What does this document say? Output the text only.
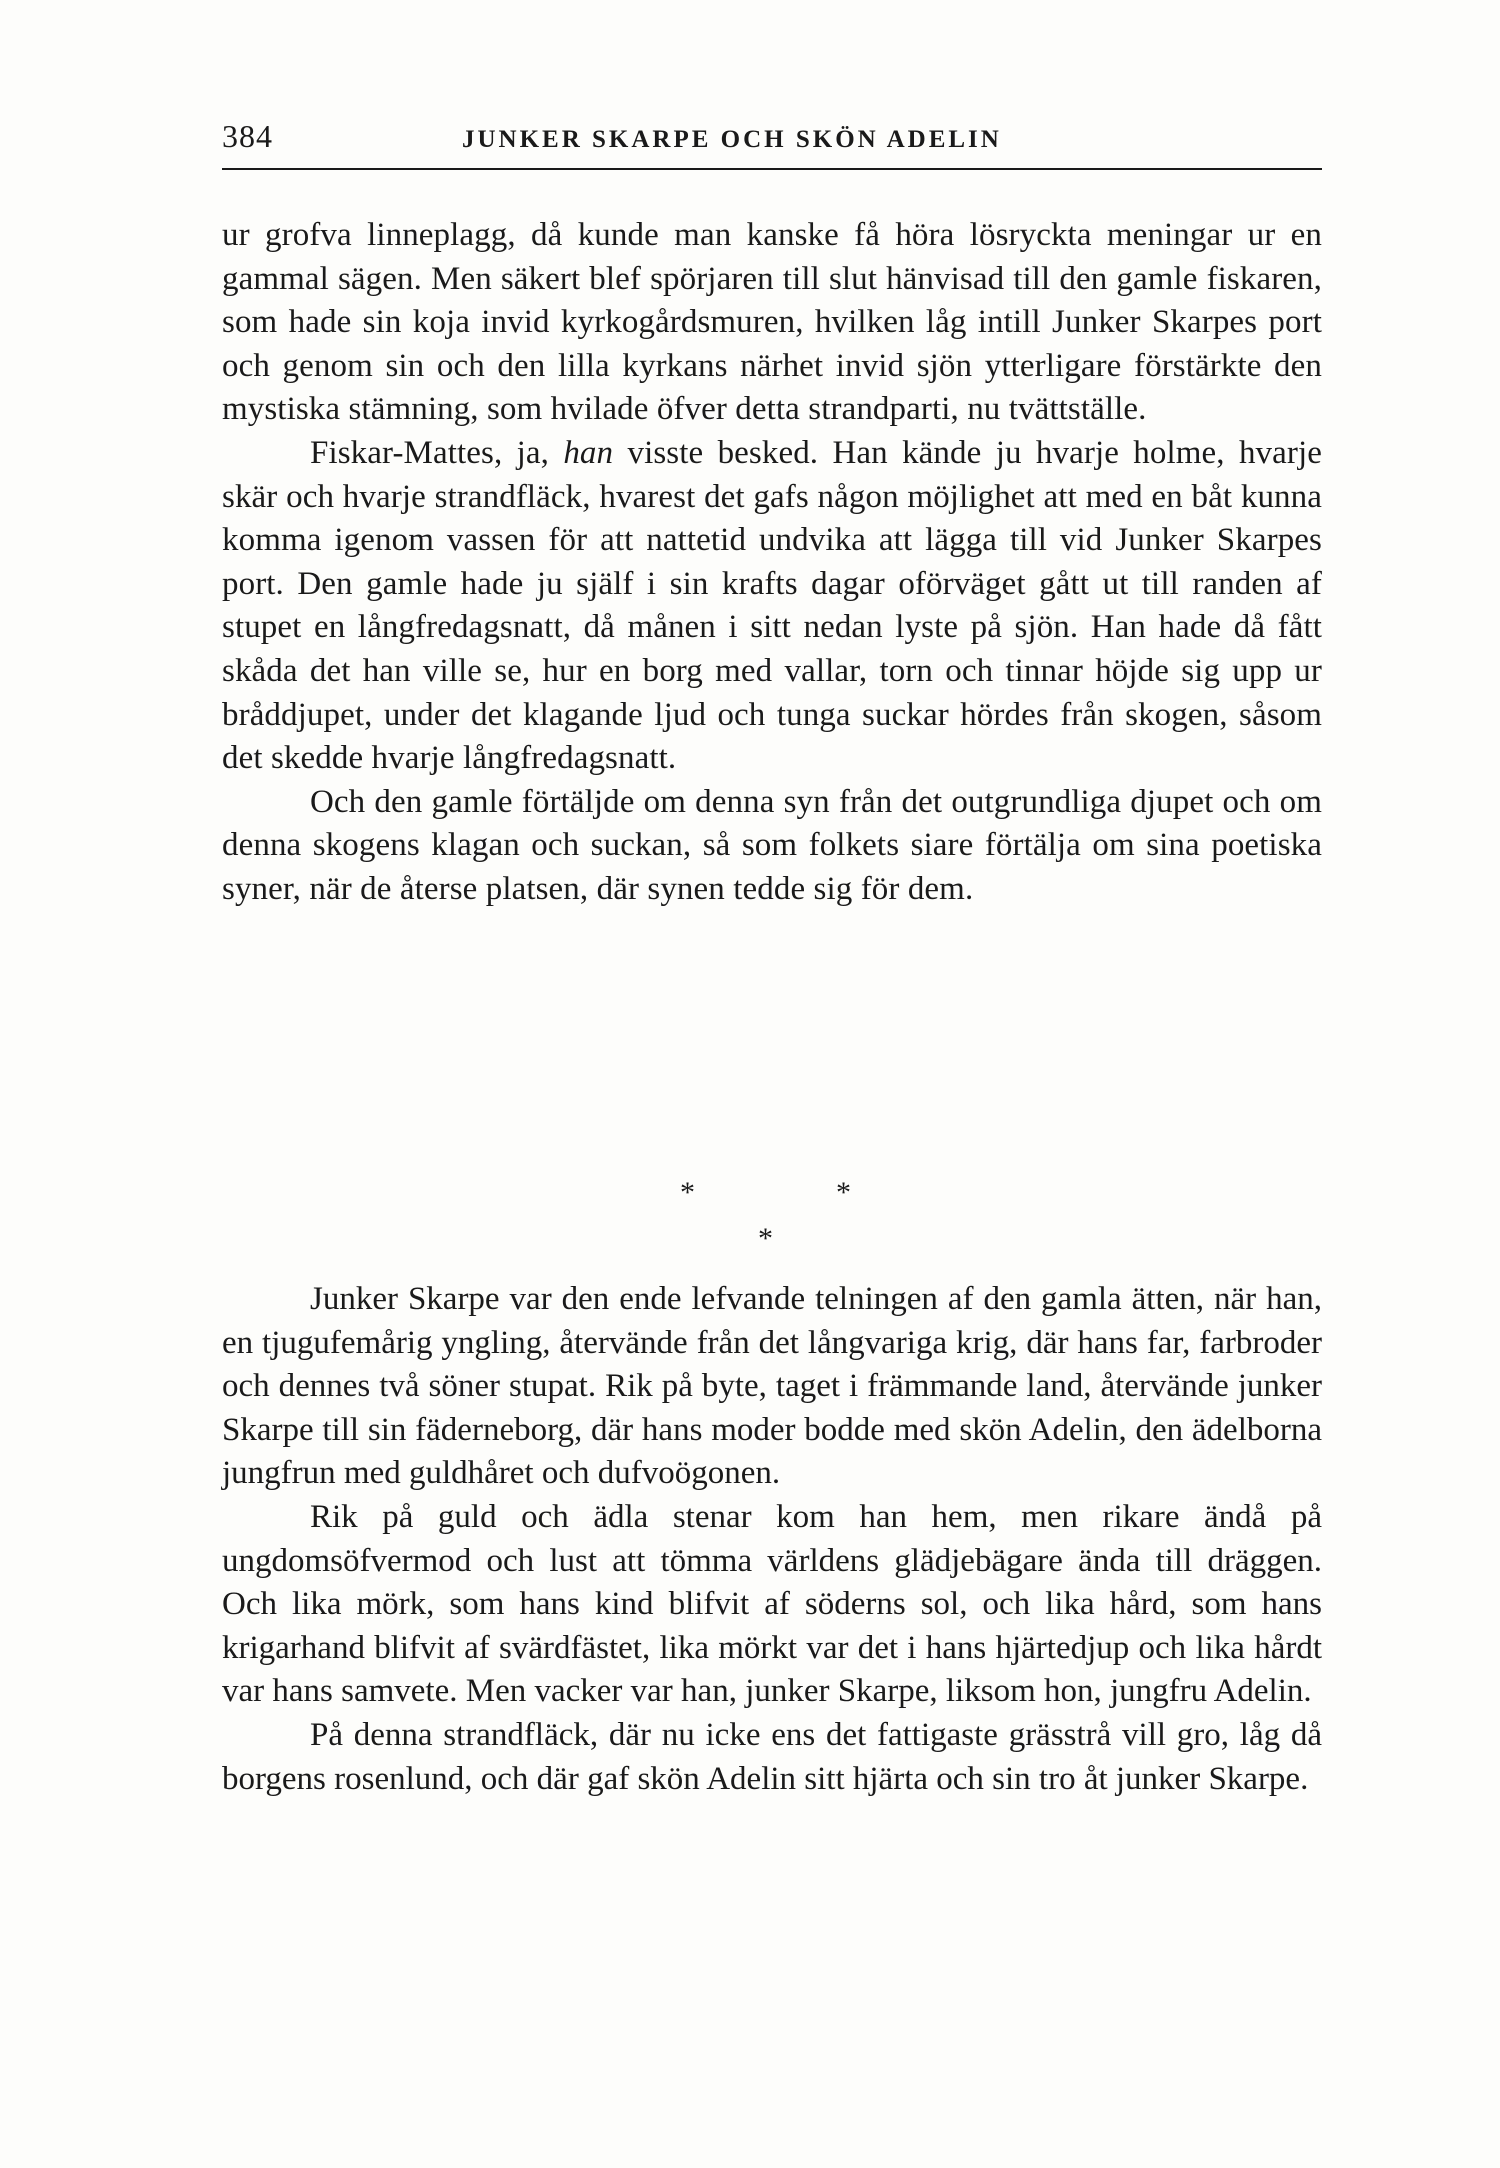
384	JUNKER SKARPE OCH SKÖN ADELIN

ur grofva linneplagg, då kunde man kanske få höra lösryckta meningar ur en gammal sägen. Men säkert blef spörjaren till slut hänvisad till den gamle fiskaren, som hade sin koja invid kyrkogårdsmuren, hvilken låg intill Junker Skarpes port och genom sin och den lilla kyrkans närhet invid sjön ytterligare förstärkte den mystiska stämning, som hvilade öfver detta strandparti, nu tvättställe.

Fiskar-Mattes, ja, han visste besked. Han kände ju hvarje holme, hvarje skär och hvarje strandfläck, hvarest det gafs någon möjlighet att med en båt kunna komma igenom vassen för att nattetid undvika att lägga till vid Junker Skarpes port. Den gamle hade ju själf i sin krafts dagar oförväget gått ut till randen af stupet en långfredagsnatt, då månen i sitt nedan lyste på sjön. Han hade då fått skåda det han ville se, hur en borg med vallar, torn och tinnar höjde sig upp ur bråddjupet, under det klagande ljud och tunga suckar hördes från skogen, såsom det skedde hvarje långfredagsnatt.

Och den gamle förtäljde om denna syn från det outgrundliga djupet och om denna skogens klagan och suckan, så som folkets siare förtälja om sina poetiska syner, när de återse platsen, där synen tedde sig för dem.

*	*
*

Junker Skarpe var den ende lefvande telningen af den gamla ätten, när han, en tjugufemårig yngling, återvände från det långvariga krig, där hans far, farbroder och dennes två söner stupat. Rik på byte, taget i främmande land, återvände junker Skarpe till sin fäderneborg, där hans moder bodde med skön Adelin, den ädelborna jungfrun med guldhåret och dufvoögonen.

Rik på guld och ädla stenar kom han hem, men rikare ändå på ungdomsöfvermod och lust att tömma världens glädjebägare ända till dräggen. Och lika mörk, som hans kind blifvit af söderns sol, och lika hård, som hans krigarhand blifvit af svärdfästet, lika mörkt var det i hans hjärtedjup och lika hårdt var hans samvete. Men vacker var han, junker Skarpe, liksom hon, jungfru Adelin.

På denna strandfläck, där nu icke ens det fattigaste grässtrå vill gro, låg då borgens rosenlund, och där gaf skön Adelin sitt hjärta och sin tro åt junker Skarpe.
